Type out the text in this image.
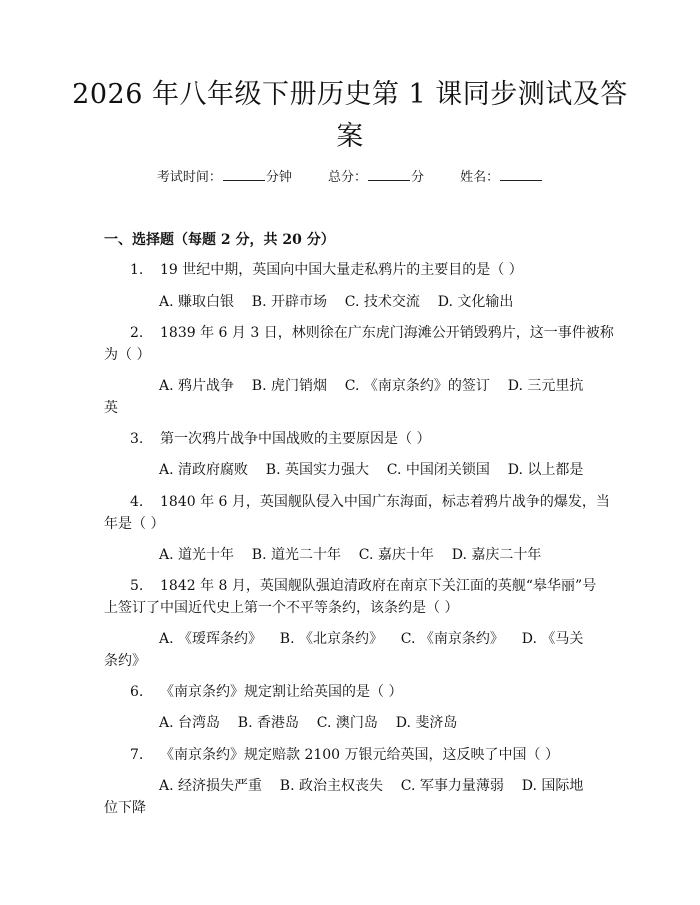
2026 年八年级下册历史第 1 课同步测试及答
案
考试时间：	分钟	总分：	分	姓名：
一、选择题（每题 2 分，共 20 分）
1. 19 世纪中期，英国向中国大量走私鸦片的主要目的是（ ）
A. 赚取白银    B. 开辟市场    C. 技术交流    D. 文化输出
2. 1839 年 6 月 3 日，林则徐在广东虎门海滩公开销毁鸦片，这一事件被称
为（ ）
A. 鸦片战争    B. 虎门销烟    C. 《南京条约》的签订    D. 三元里抗
英
3. 第一次鸦片战争中国战败的主要原因是（ ）
A. 清政府腐败    B. 英国实力强大    C. 中国闭关锁国    D. 以上都是
4. 1840 年 6 月，英国舰队侵入中国广东海面，标志着鸦片战争的爆发，当
年是（ ）
A. 道光十年    B. 道光二十年    C. 嘉庆十年    D. 嘉庆二十年
5. 1842 年 8 月，英国舰队强迫清政府在南京下关江面的英舰“皋华丽”号
上签订了中国近代史上第一个不平等条约，该条约是（ ）
A. 《瑷珲条约》    B. 《北京条约》    C. 《南京条约》    D. 《马关
条约》
6. 《南京条约》规定割让给英国的是（ ）
A. 台湾岛    B. 香港岛    C. 澳门岛    D. 斐济岛
7. 《南京条约》规定赔款 2100 万银元给英国，这反映了中国（ ）
A. 经济损失严重    B. 政治主权丧失    C. 军事力量薄弱    D. 国际地
位下降
